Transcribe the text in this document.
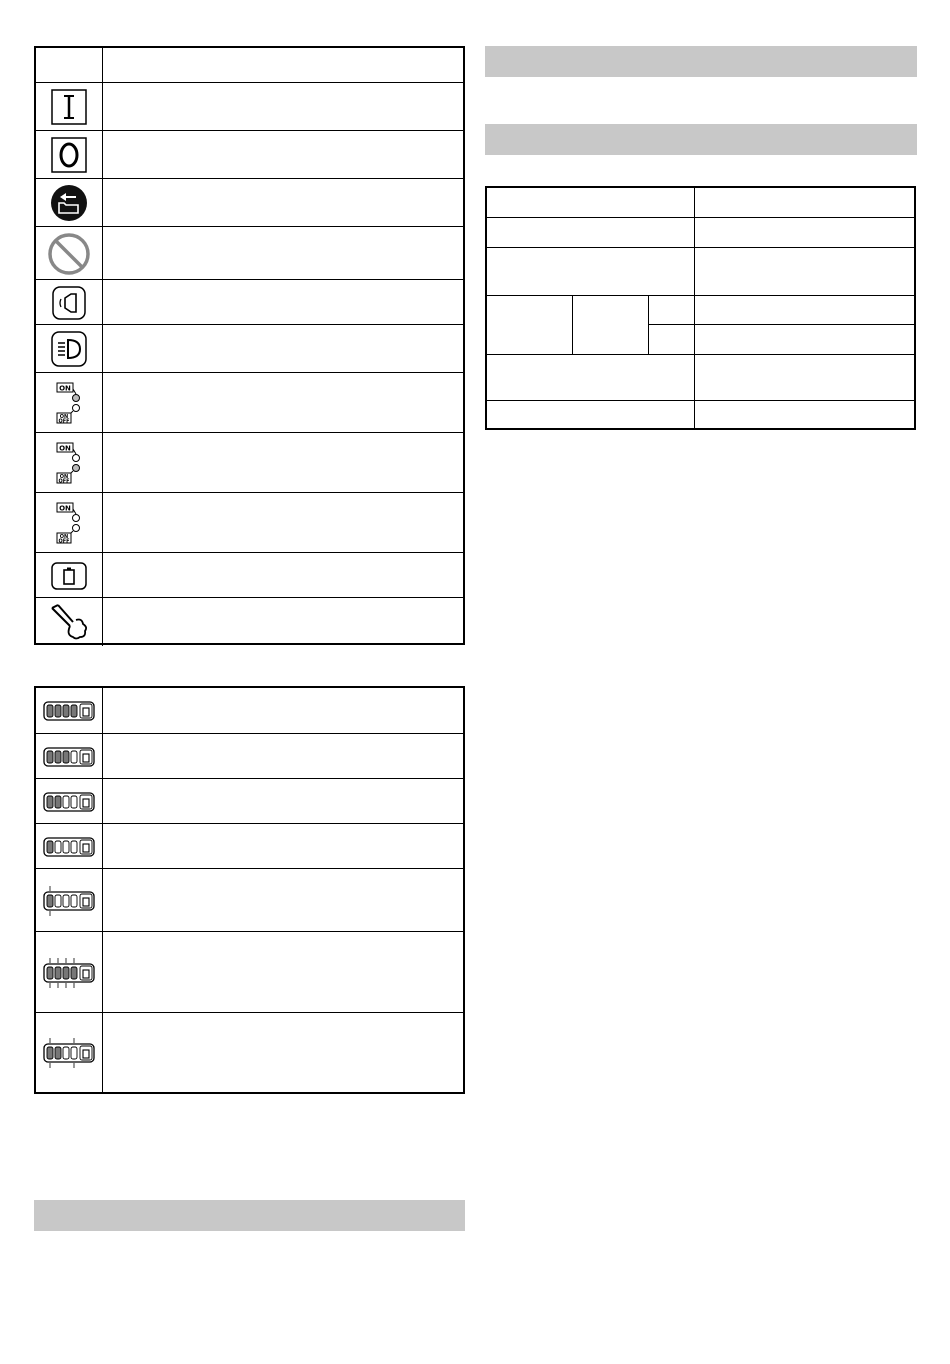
ON
ON
OFF
ON
ON
OFF
ON
ON
OFF
